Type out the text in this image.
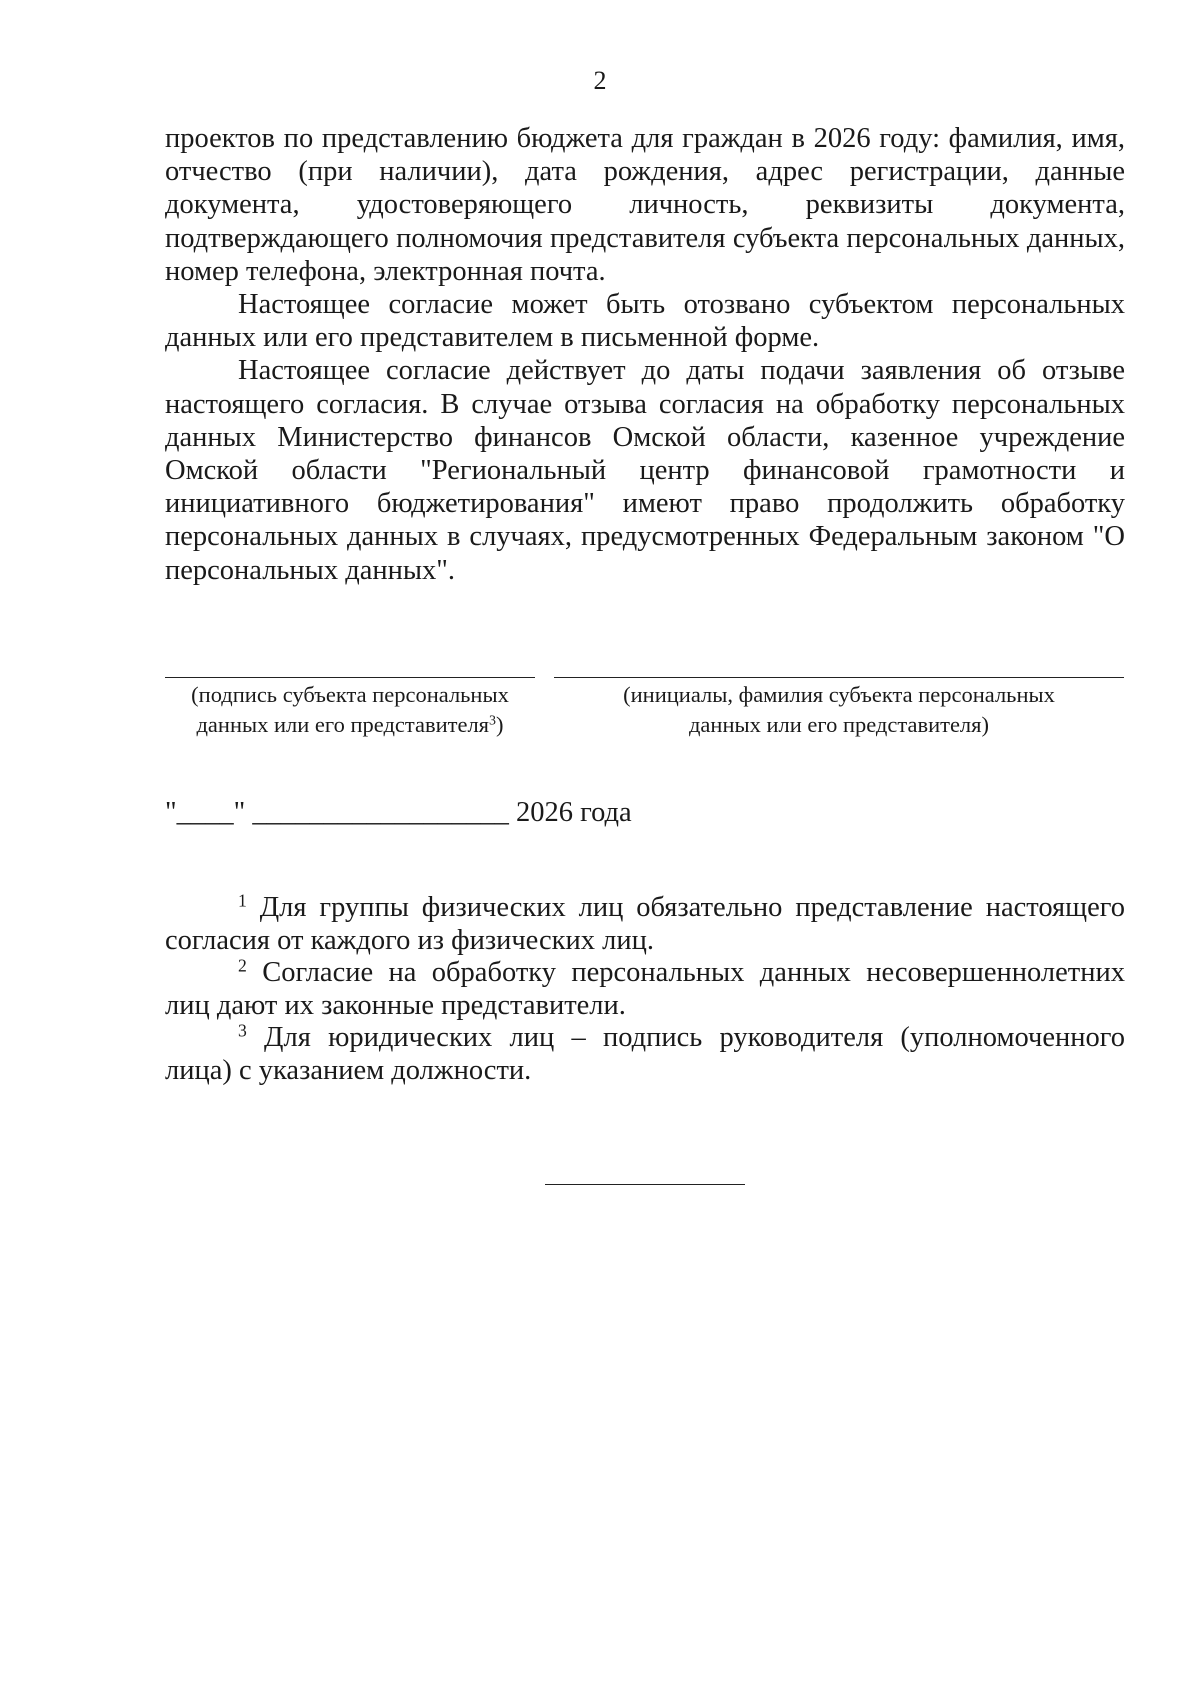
2

проектов по представлению бюджета для граждан в 2026 году: фамилия, имя, отчество (при наличии), дата рождения, адрес регистрации, данные документа, удостоверяющего личность, реквизиты документа, подтверждающего полномочия представителя субъекта персональных данных, номер телефона, электронная почта.

Настоящее согласие может быть отозвано субъектом персональных данных или его представителем в письменной форме.

Настоящее согласие действует до даты подачи заявления об отзыве настоящего согласия. В случае отзыва согласия на обработку персональных данных Министерство финансов Омской области, казенное учреждение Омской области "Региональный центр финансовой грамотности и инициативного бюджетирования" имеют право продолжить обработку персональных данных в случаях, предусмотренных Федеральным законом "О персональных данных".

(подпись субъекта персональных
данных или его представителя$^3$)
(инициалы, фамилия субъекта персональных
данных или его представителя)
"____" __________________ 2026 года

$^1$ Для группы физических лиц обязательно представление настоящего согласия от каждого из физических лиц.

$^2$ Согласие на обработку персональных данных несовершеннолетних лиц дают их законные представители.

$^3$ Для юридических лиц – подпись руководителя (уполномоченного лица) с указанием должности.
